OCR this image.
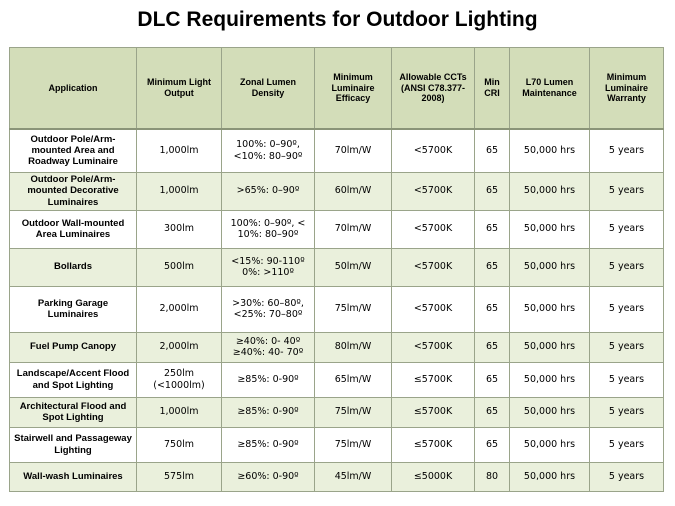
DLC Requirements for Outdoor Lighting
Application	Minimum Light Output	Zonal Lumen Density	Minimum Luminaire Efficacy	Allowable CCTs (ANSI C78.377-2008)	Min CRI	L70 Lumen Maintenance	Minimum Luminaire Warranty
Outdoor Pole/Arm-mounted Area and Roadway Luminaire	1,000lm	100%: 0–90º, <10%: 80–90º	70lm/W	<5700K	65	50,000 hrs	5 years
Outdoor Pole/Arm-mounted Decorative Luminaires	1,000lm	>65%: 0–90º	60lm/W	<5700K	65	50,000 hrs	5 years
Outdoor Wall-mounted Area Luminaires	300lm	100%: 0–90º, < 10%: 80–90º	70lm/W	<5700K	65	50,000 hrs	5 years
Bollards	500lm	<15%: 90-110º 0%: >110º	50lm/W	<5700K	65	50,000 hrs	5 years
Parking Garage Luminaires	2,000lm	>30%: 60–80º, <25%: 70–80º	75lm/W	<5700K	65	50,000 hrs	5 years
Fuel Pump Canopy	2,000lm	≥40%: 0- 40º ≥40%: 40- 70º	80lm/W	<5700K	65	50,000 hrs	5 years
Landscape/Accent Flood and Spot Lighting	250lm (<1000lm)	≥85%: 0-90º	65lm/W	≤5700K	65	50,000 hrs	5 years
Architectural Flood and Spot Lighting	1,000lm	≥85%: 0-90º	75lm/W	≤5700K	65	50,000 hrs	5 years
Stairwell and Passageway Lighting	750lm	≥85%: 0-90º	75lm/W	≤5700K	65	50,000 hrs	5 years
Wall-wash Luminaires	575lm	≥60%: 0-90º	45lm/W	≤5000K	80	50,000 hrs	5 years
